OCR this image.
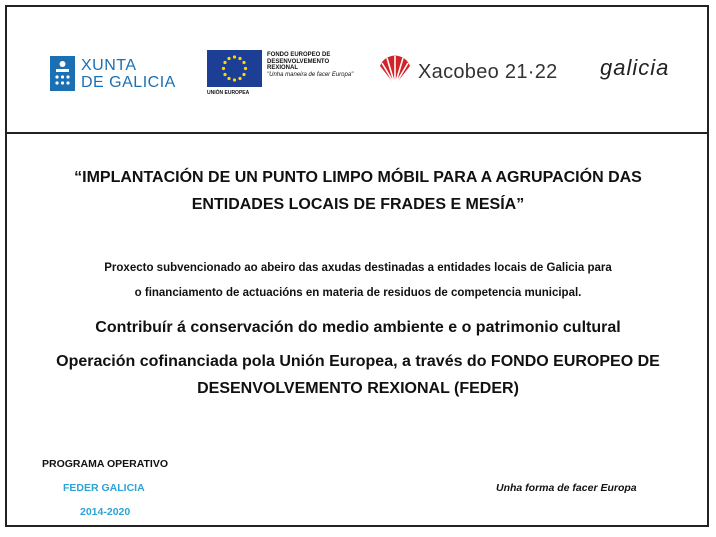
XUNTA
DE GALICIA
UNIÓN EUROPEA
FONDO EUROPEO DE
DESENVOLVEMENTO
REXIONAL
"Unha maneira de facer Europa"	Xacobeo 21·22 galicia
“IMPLANTACIÓN DE UN PUNTO LIMPO MÓBIL PARA A AGRUPACIÓN DAS
ENTIDADES LOCAIS DE FRADES E MESÍA”
Proxecto subvencionado ao abeiro das axudas destinadas a entidades locais de Galicia para
o financiamento de actuacións en materia de residuos de competencia municipal.
Contribuír á conservación do medio ambiente e o patrimonio cultural
Operación cofinanciada pola Unión Europea, a través do FONDO EUROPEO DE
DESENVOLVEMENTO REXIONAL (FEDER)
PROGRAMA OPERATIVO
FEDER GALICIA
2014-2020
Unha forma de facer Europa
